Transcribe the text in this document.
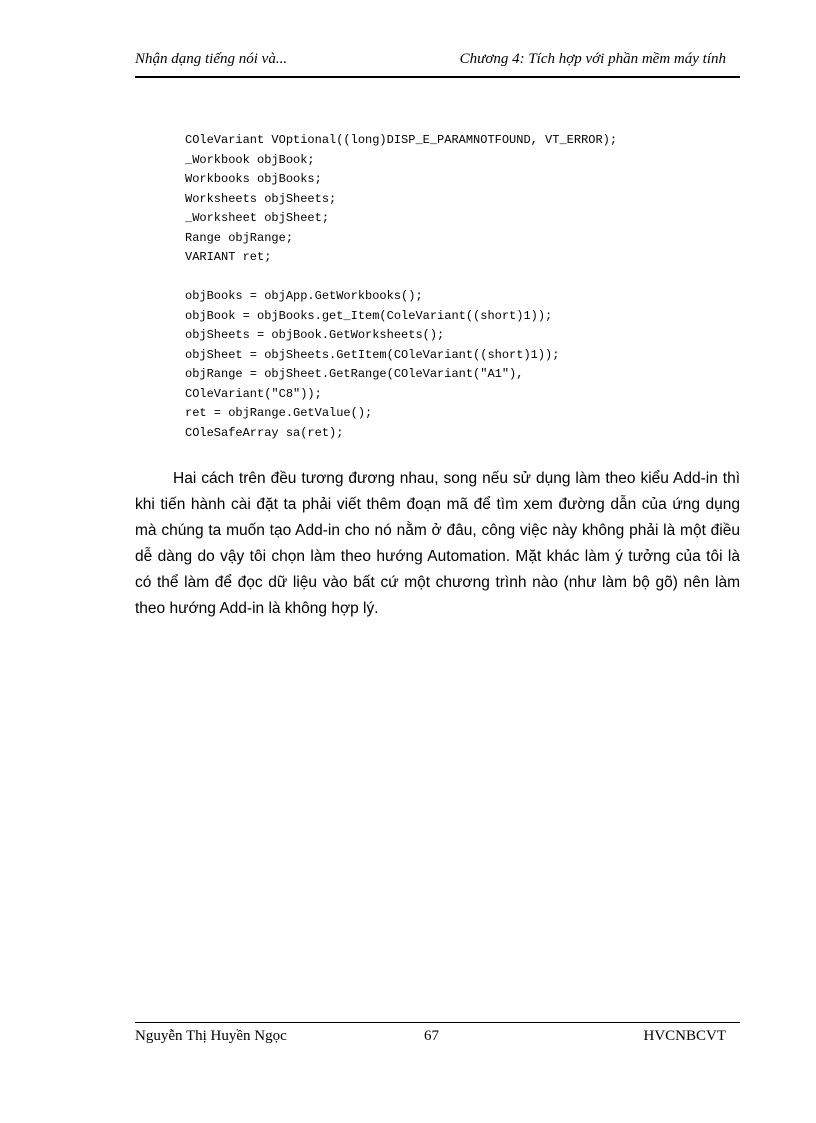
Nhận dạng tiếng nói và...	Chương 4: Tích hợp với phần mềm máy tính
COleVariant VOptional((long)DISP_E_PARAMNOTFOUND, VT_ERROR);
_Workbook objBook;
Workbooks objBooks;
Worksheets objSheets;
_Worksheet objSheet;
Range objRange;
VARIANT ret;
objBooks = objApp.GetWorkbooks();
objBook = objBooks.get_Item(ColeVariant((short)1));
objSheets = objBook.GetWorksheets();
objSheet = objSheets.GetItem(COleVariant((short)1));
objRange = objSheet.GetRange(COleVariant("A1"),
COleVariant("C8"));
ret = objRange.GetValue();
COleSafeArray sa(ret);

Hai cách trên đều tương đương nhau, song nếu sử dụng làm theo kiểu Add-in thì khi tiến hành cài đặt ta phải viết thêm đoạn mã để tìm xem đường dẫn của ứng dụng mà chúng ta muốn tạo Add-in cho nó nằm ở đâu, công việc này không phải là một điều dễ dàng do vậy tôi chọn làm theo hướng Automation. Mặt khác làm ý tưởng của tôi là có thể làm để đọc dữ liệu vào bất cứ một chương trình nào (như làm bộ gõ) nên làm theo hướng Add-in là không hợp lý.

Nguyễn Thị Huyền Ngọc	67	HVCNBCVT
